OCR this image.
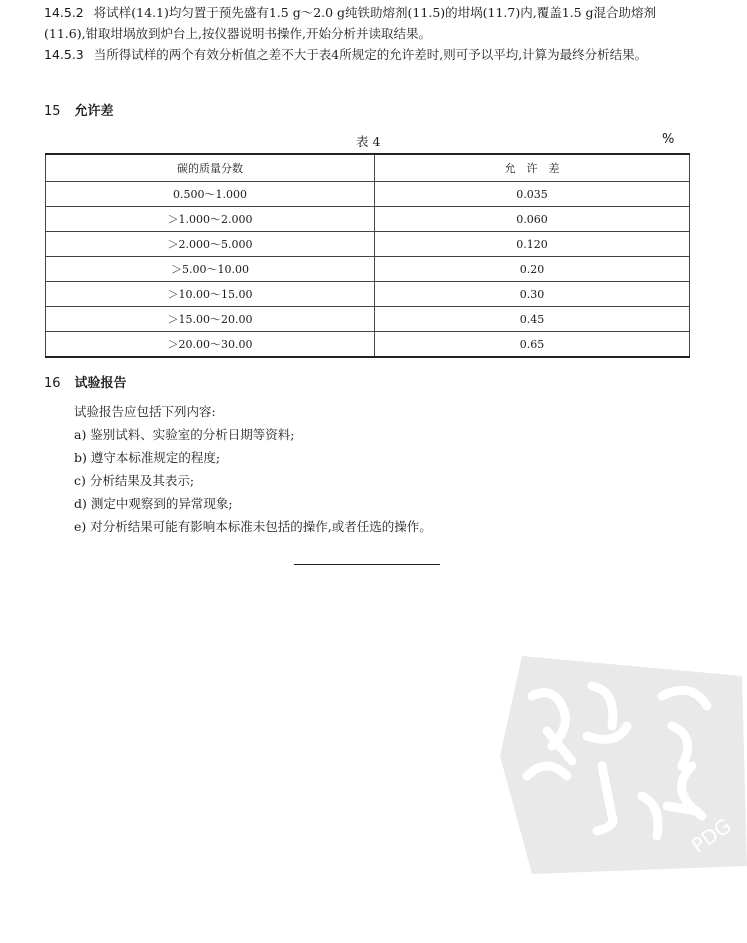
14.5.2 将试样(14.1)均匀置于预先盛有1.5 g～2.0 g纯铁助熔剂(11.5)的坩埚(11.7)内,覆盖1.5 g混合助熔剂(11.6),钳取坩埚放到炉台上,按仪器说明书操作,开始分析并读取结果。
14.5.3 当所得试样的两个有效分析值之差不大于表4所规定的允许差时,则可予以平均,计算为最终分析结果。
15 允许差
表 4	%
碳的质量分数	允　许　差
0.500～1.000	0.035
＞1.000～2.000	0.060
＞2.000～5.000	0.120
＞5.00～10.00	0.20
＞10.00～15.00	0.30
＞15.00～20.00	0.45
＞20.00～30.00	0.65
16 试验报告
试验报告应包括下列内容:
a) 鉴别试料、实验室的分析日期等资料;
b) 遵守本标准规定的程度;
c) 分析结果及其表示;
d) 测定中观察到的异常现象;
e) 对分析结果可能有影响本标准未包括的操作,或者任选的操作。
PDG
